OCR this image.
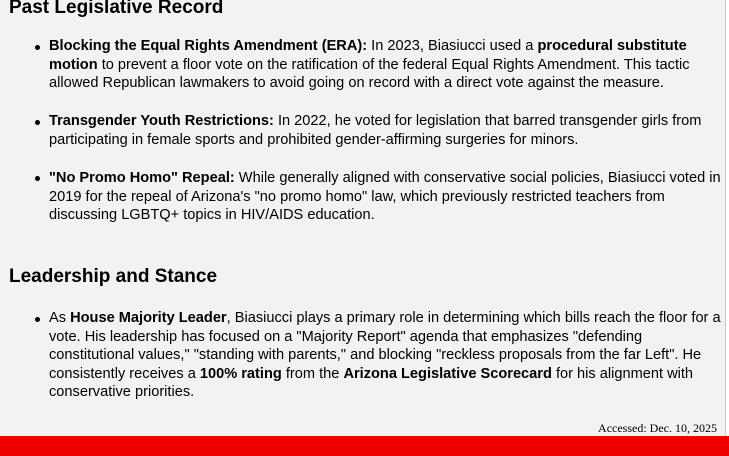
Past Legislative Record
Blocking the Equal Rights Amendment (ERA): In 2023, Biasiucci used a procedural substitute motion to prevent a floor vote on the ratification of the federal Equal Rights Amendment. This tactic allowed Republican lawmakers to avoid going on record with a direct vote against the measure.
Transgender Youth Restrictions: In 2022, he voted for legislation that barred transgender girls from participating in female sports and prohibited gender-affirming surgeries for minors.
"No Promo Homo" Repeal: While generally aligned with conservative social policies, Biasiucci voted in 2019 for the repeal of Arizona's "no promo homo" law, which previously restricted teachers from discussing LGBTQ+ topics in HIV/AIDS education.
Leadership and Stance
As House Majority Leader, Biasiucci plays a primary role in determining which bills reach the floor for a vote. His leadership has focused on a "Majority Report" agenda that emphasizes "defending constitutional values," "standing with parents," and blocking "reckless proposals from the far Left". He consistently receives a 100% rating from the Arizona Legislative Scorecard for his alignment with conservative priorities.
Accessed: Dec. 10, 2025
